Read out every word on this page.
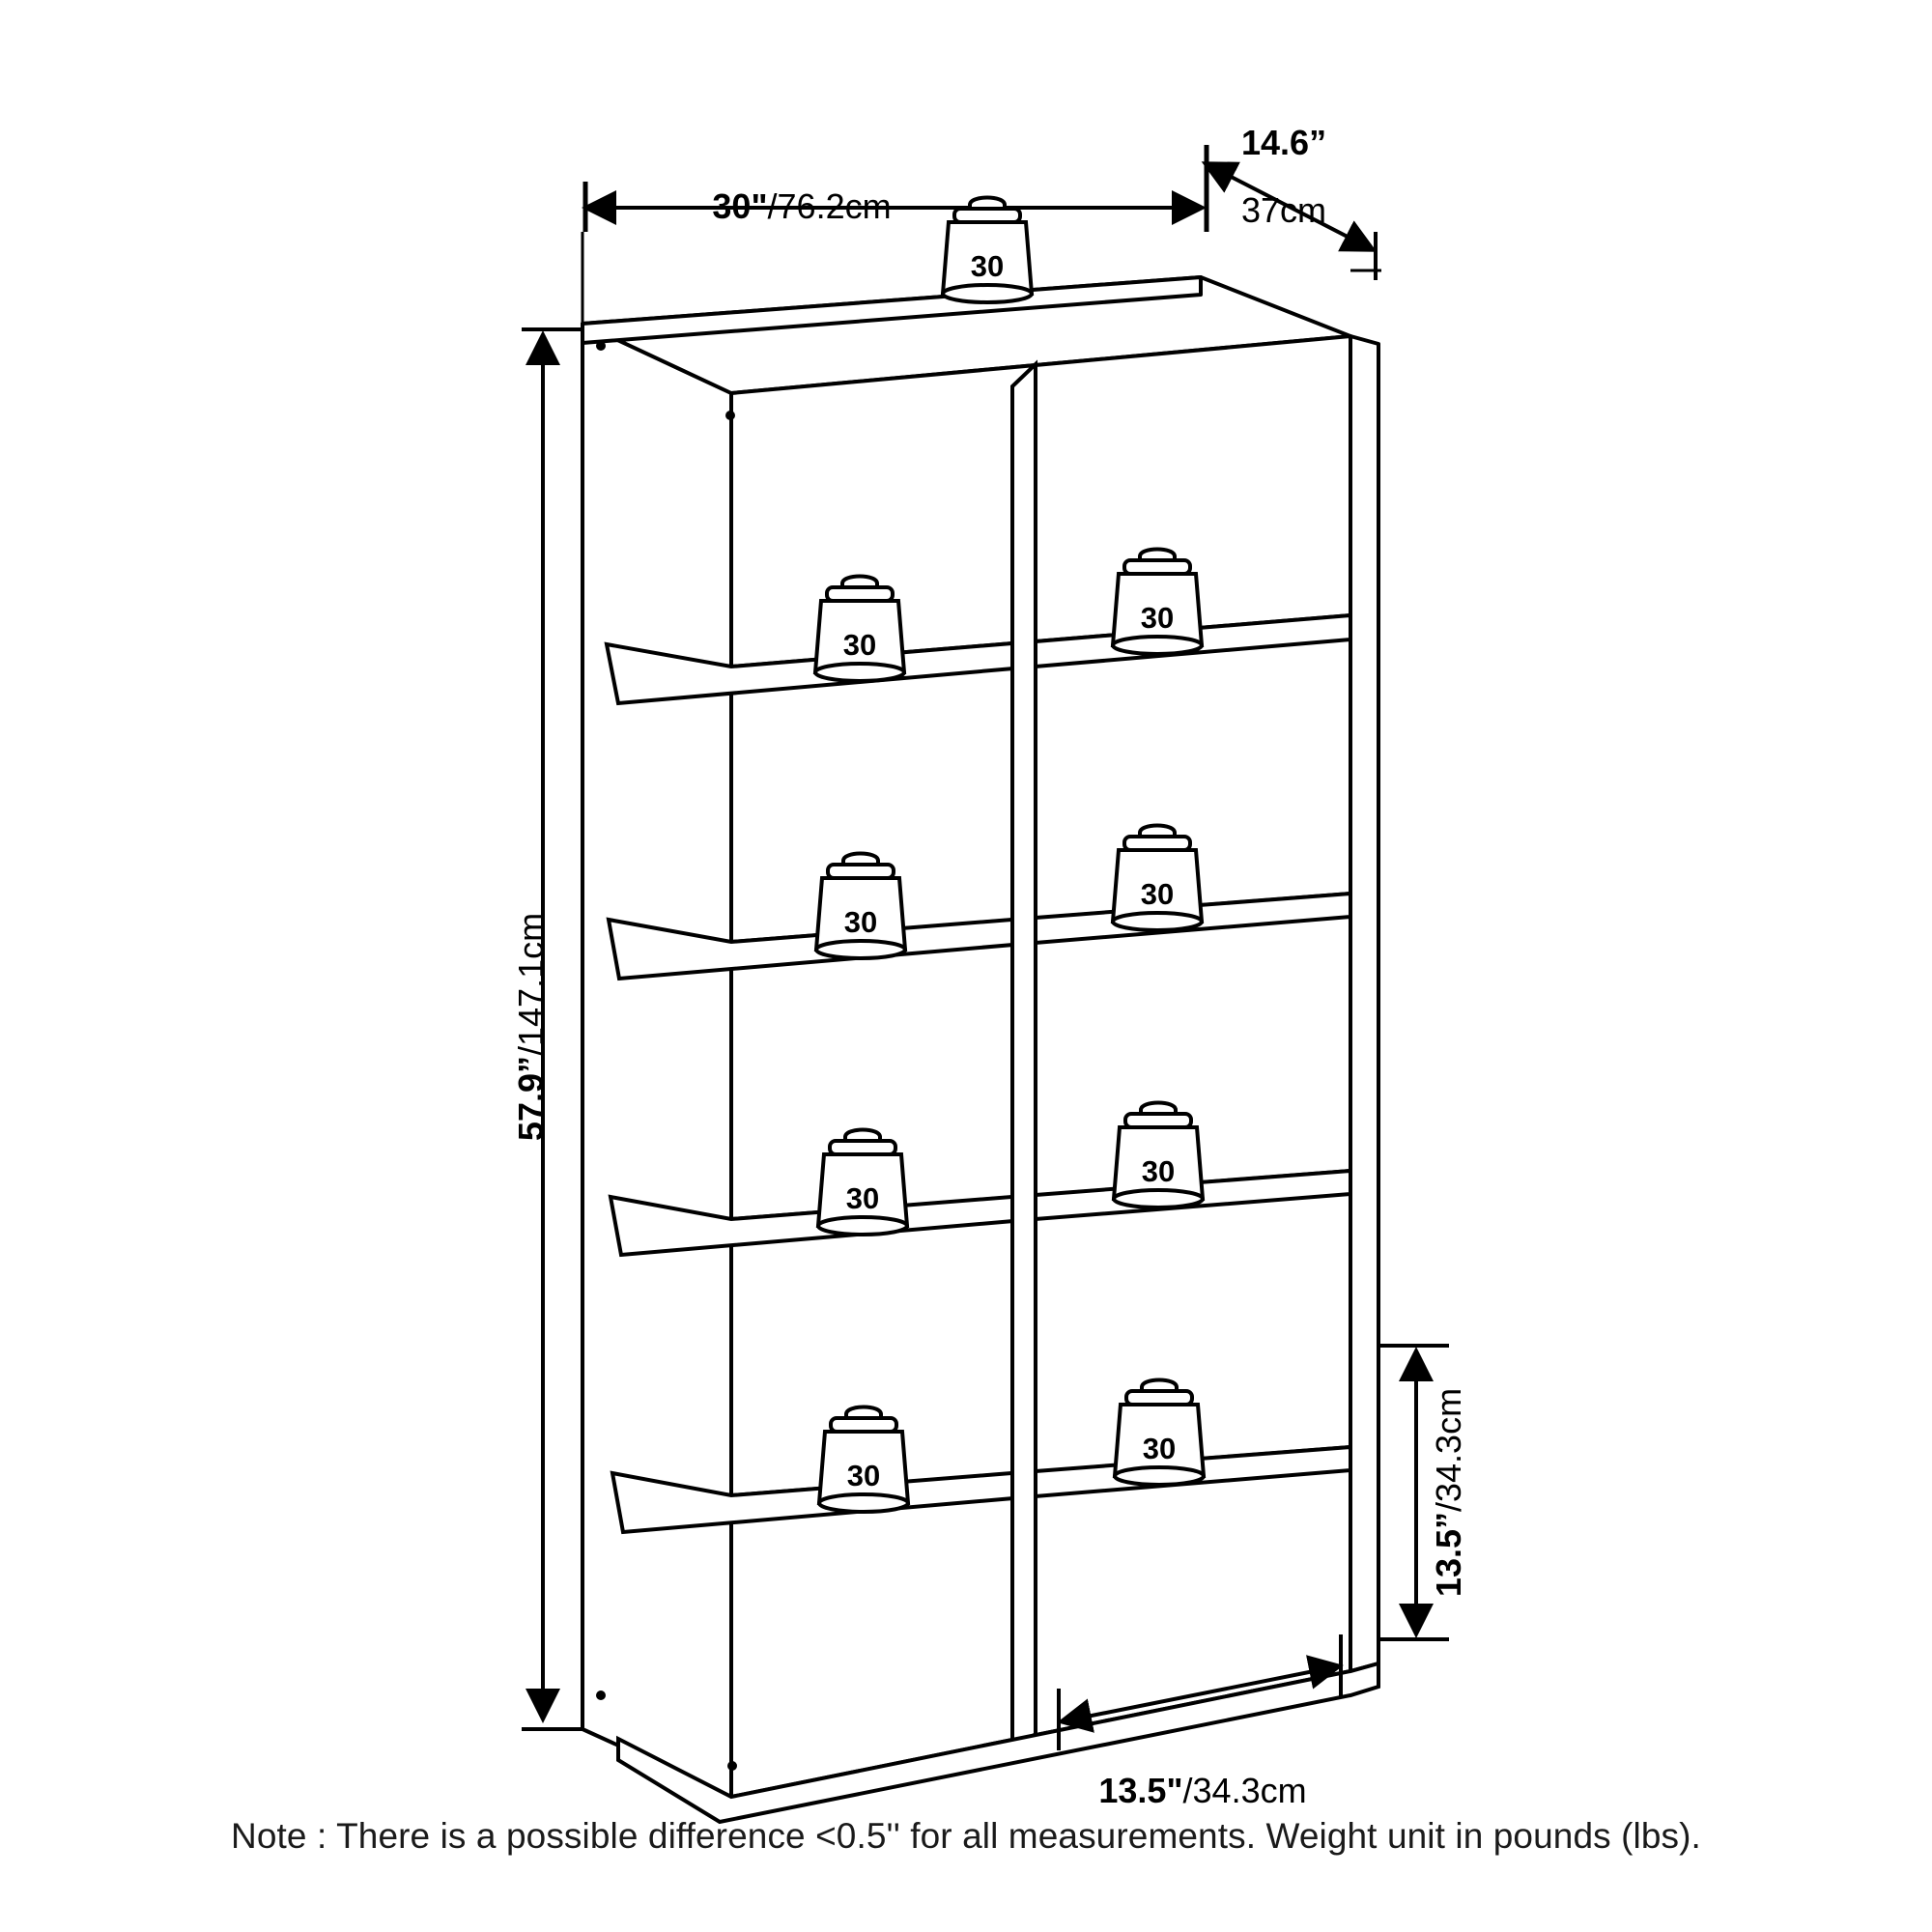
30"/76.2cm
14.6”
37cm
57.9”/147.1cm
13.5”/34.3cm
13.5"/34.3cm
30
30
30
30
30
30
30
30
30
Note : There is a possible difference <0.5'' for all measurements. Weight unit in pounds (lbs).
